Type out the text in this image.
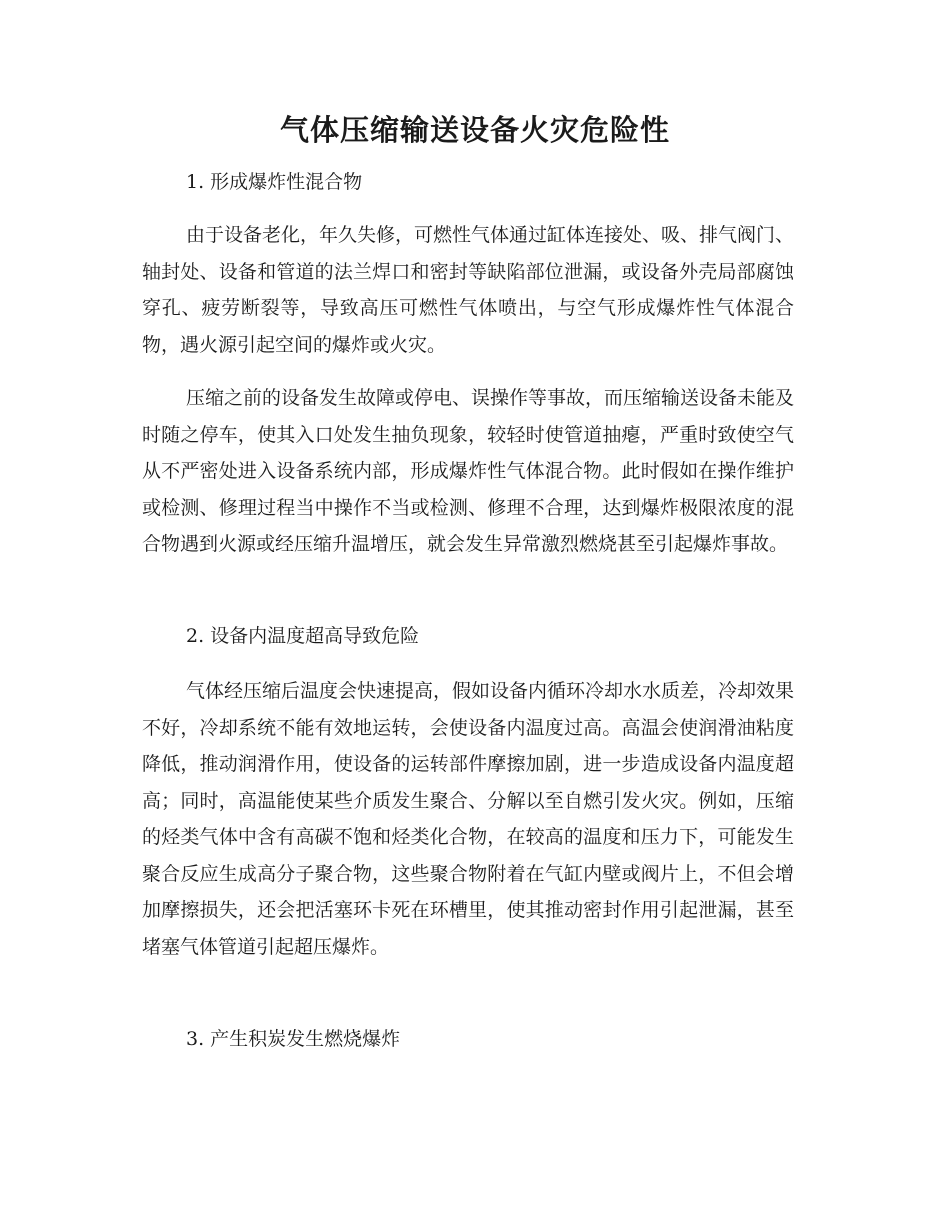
气体压缩输送设备火灾危险性
1. 形成爆炸性混合物

由于设备老化，年久失修，可燃性气体通过缸体连接处、吸、排气阀门、轴封处、设备和管道的法兰焊口和密封等缺陷部位泄漏，或设备外壳局部腐蚀穿孔、疲劳断裂等，导致高压可燃性气体喷出，与空气形成爆炸性气体混合物，遇火源引起空间的爆炸或火灾。

压缩之前的设备发生故障或停电、误操作等事故，而压缩输送设备未能及时随之停车，使其入口处发生抽负现象，较轻时使管道抽瘪，严重时致使空气从不严密处进入设备系统内部，形成爆炸性气体混合物。此时假如在操作维护或检测、修理过程当中操作不当或检测、修理不合理，达到爆炸极限浓度的混合物遇到火源或经压缩升温增压，就会发生异常激烈燃烧甚至引起爆炸事故。

2. 设备内温度超高导致危险

气体经压缩后温度会快速提高，假如设备内循环冷却水水质差，冷却效果不好，冷却系统不能有效地运转，会使设备内温度过高。高温会使润滑油粘度降低，推动润滑作用，使设备的运转部件摩擦加剧，进一步造成设备内温度超高；同时，高温能使某些介质发生聚合、分解以至自燃引发火灾。例如，压缩的烃类气体中含有高碳不饱和烃类化合物，在较高的温度和压力下，可能发生聚合反应生成高分子聚合物，这些聚合物附着在气缸内壁或阀片上，不但会增加摩擦损失，还会把活塞环卡死在环槽里，使其推动密封作用引起泄漏，甚至堵塞气体管道引起超压爆炸。

3. 产生积炭发生燃烧爆炸
